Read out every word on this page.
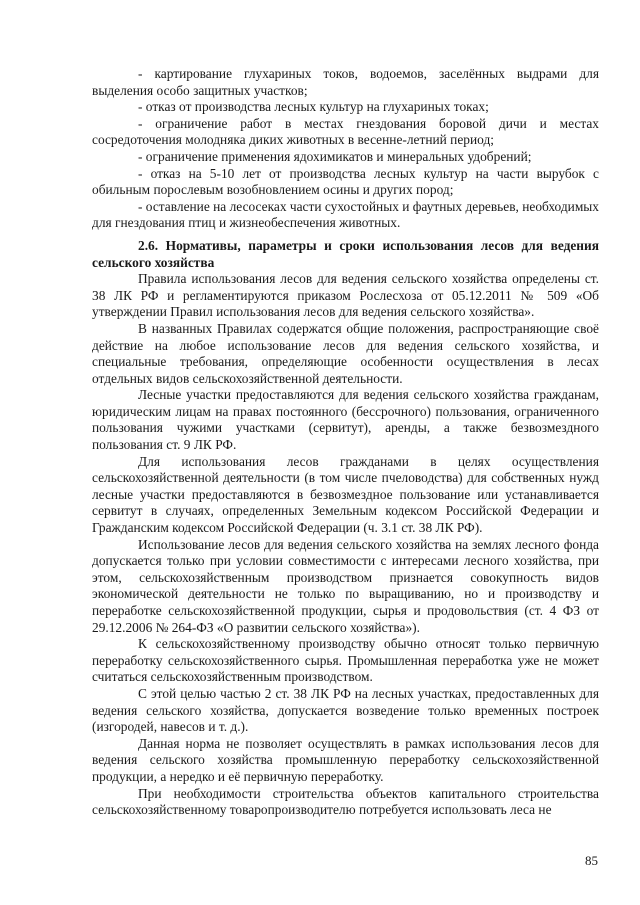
- картирование глухариных токов, водоемов, заселённых выдрами для выделения особо защитных участков;

- отказ от производства лесных культур на глухариных токах;

- ограничение работ в местах гнездования боровой дичи и местах сосредоточения молодняка диких животных в весенне-летний период;

- ограничение применения ядохимикатов и минеральных удобрений;

- отказ на 5-10 лет от производства лесных культур на части вырубок с обильным порослевым возобновлением осины и других пород;

- оставление на лесосеках части сухостойных и фаутных деревьев, необходимых для гнездования птиц и жизнеобеспечения животных.

2.6. Нормативы, параметры и сроки использования лесов для ведения сельского хозяйства

Правила использования лесов для ведения сельского хозяйства определены ст. 38 ЛК РФ и регламентируются приказом Рослесхоза от 05.12.2011 № 509 «Об утверждении Правил использования лесов для ведения сельского хозяйства».

В названных Правилах содержатся общие положения, распространяющие своё действие на любое использование лесов для ведения сельского хозяйства, и специальные требования, определяющие особенности осуществления в лесах отдельных видов сельскохозяйственной деятельности.

Лесные участки предоставляются для ведения сельского хозяйства гражданам, юридическим лицам на правах постоянного (бессрочного) пользования, ограниченного пользования чужими участками (сервитут), аренды, а также безвозмездного пользования ст. 9 ЛК РФ.

Для использования лесов гражданами в целях осуществления сельскохозяйственной деятельности (в том числе пчеловодства) для собственных нужд лесные участки предоставляются в безвозмездное пользование или устанавливается сервитут в случаях, определенных Земельным кодексом Российской Федерации и Гражданским кодексом Российской Федерации (ч. 3.1 ст. 38 ЛК РФ).

Использование лесов для ведения сельского хозяйства на землях лесного фонда допускается только при условии совместимости с интересами лесного хозяйства, при этом, сельскохозяйственным производством признается совокупность видов экономической деятельности не только по выращиванию, но и производству и переработке сельскохозяйственной продукции, сырья и продовольствия (ст. 4 ФЗ от 29.12.2006 № 264-ФЗ «О развитии сельского хозяйства»).

К сельскохозяйственному производству обычно относят только первичную переработку сельскохозяйственного сырья. Промышленная переработка уже не может считаться сельскохозяйственным производством.

С этой целью частью 2 ст. 38 ЛК РФ на лесных участках, предоставленных для ведения сельского хозяйства, допускается возведение только временных построек (изгородей, навесов и т. д.).

Данная норма не позволяет осуществлять в рамках использования лесов для ведения сельского хозяйства промышленную переработку сельскохозяйственной продукции, а нередко и её первичную переработку.

При необходимости строительства объектов капитального строительства сельскохозяйственному товаропроизводителю потребуется использовать леса не

85
